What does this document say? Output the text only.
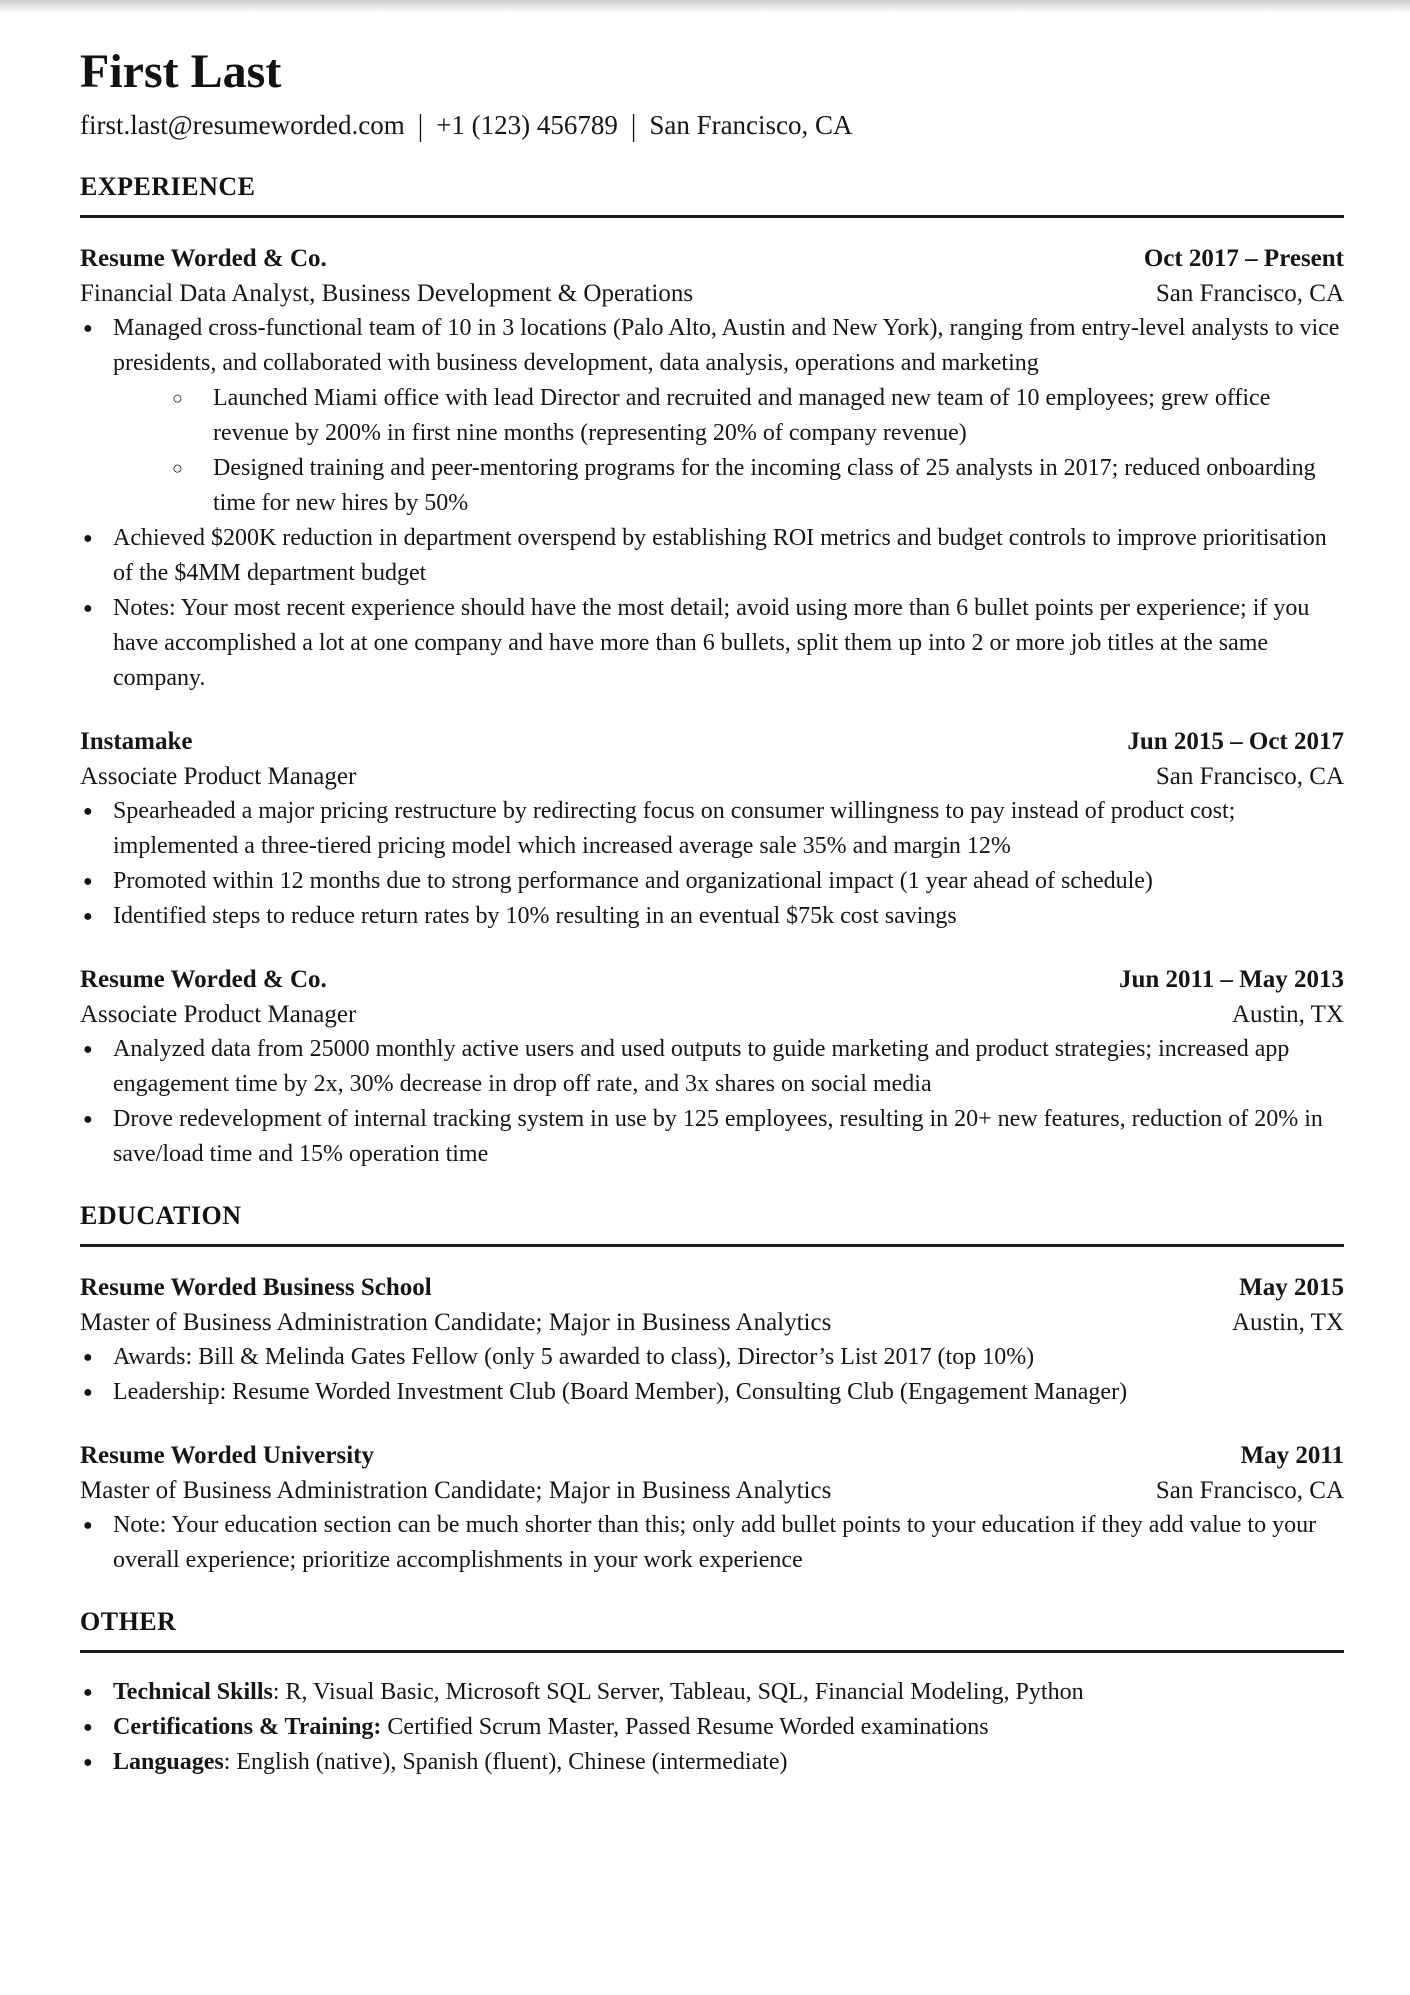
First Last
first.last@resumeworded.com | +1 (123) 456789 | San Francisco, CA
EXPERIENCE
Resume Worded & Co.	Oct 2017 – Present
Financial Data Analyst, Business Development & Operations	San Francisco, CA
● Managed cross-functional team of 10 in 3 locations (Palo Alto, Austin and New York), ranging from entry-level analysts to vice presidents, and collaborated with business development, data analysis, operations and marketing
○ Launched Miami office with lead Director and recruited and managed new team of 10 employees; grew office revenue by 200% in first nine months (representing 20% of company revenue)
○ Designed training and peer-mentoring programs for the incoming class of 25 analysts in 2017; reduced onboarding time for new hires by 50%
● Achieved $200K reduction in department overspend by establishing ROI metrics and budget controls to improve prioritisation of the $4MM department budget
● Notes: Your most recent experience should have the most detail; avoid using more than 6 bullet points per experience; if you have accomplished a lot at one company and have more than 6 bullets, split them up into 2 or more job titles at the same company.
Instamake	Jun 2015 – Oct 2017
Associate Product Manager	San Francisco, CA
● Spearheaded a major pricing restructure by redirecting focus on consumer willingness to pay instead of product cost; implemented a three-tiered pricing model which increased average sale 35% and margin 12%
● Promoted within 12 months due to strong performance and organizational impact (1 year ahead of schedule)
● Identified steps to reduce return rates by 10% resulting in an eventual $75k cost savings
Resume Worded & Co.	Jun 2011 – May 2013
Associate Product Manager	Austin, TX
● Analyzed data from 25000 monthly active users and used outputs to guide marketing and product strategies; increased app engagement time by 2x, 30% decrease in drop off rate, and 3x shares on social media
● Drove redevelopment of internal tracking system in use by 125 employees, resulting in 20+ new features, reduction of 20% in save/load time and 15% operation time
EDUCATION
Resume Worded Business School	May 2015
Master of Business Administration Candidate; Major in Business Analytics	Austin, TX
● Awards: Bill & Melinda Gates Fellow (only 5 awarded to class), Director’s List 2017 (top 10%)
● Leadership: Resume Worded Investment Club (Board Member), Consulting Club (Engagement Manager)
Resume Worded University	May 2011
Master of Business Administration Candidate; Major in Business Analytics	San Francisco, CA
● Note: Your education section can be much shorter than this; only add bullet points to your education if they add value to your overall experience; prioritize accomplishments in your work experience
OTHER
● Technical Skills: R, Visual Basic, Microsoft SQL Server, Tableau, SQL, Financial Modeling, Python
● Certifications & Training: Certified Scrum Master, Passed Resume Worded examinations
● Languages: English (native), Spanish (fluent), Chinese (intermediate)
